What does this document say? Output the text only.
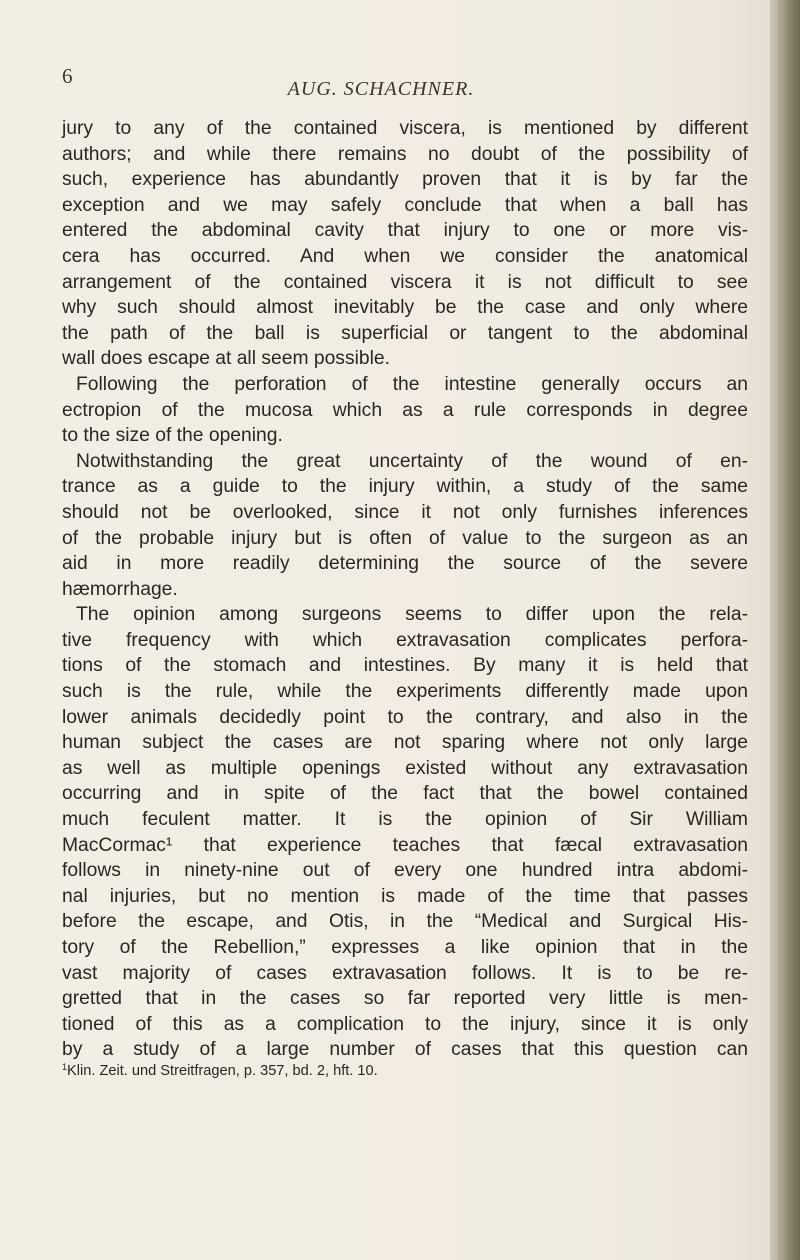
6

AUG. SCHACHNER.

jury to any of the contained viscera, is mentioned by different
authors; and while there remains no doubt of the possibility of
such, experience has abundantly proven that it is by far the
exception and we may safely conclude that when a ball has
entered the abdominal cavity that injury to one or more vis-
cera has occurred. And when we consider the anatomical
arrangement of the contained viscera it is not difficult to see
why such should almost inevitably be the case and only where
the path of the ball is superficial or tangent to the abdominal
wall does escape at all seem possible.
Following the perforation of the intestine generally occurs an
ectropion of the mucosa which as a rule corresponds in degree
to the size of the opening.
Notwithstanding the great uncertainty of the wound of en-
trance as a guide to the injury within, a study of the same
should not be overlooked, since it not only furnishes inferences
of the probable injury but is often of value to the surgeon as an
aid in more readily determining the source of the severe
hæmorrhage.
The opinion among surgeons seems to differ upon the rela-
tive frequency with which extravasation complicates perfora-
tions of the stomach and intestines. By many it is held that
such is the rule, while the experiments differently made upon
lower animals decidedly point to the contrary, and also in the
human subject the cases are not sparing where not only large
as well as multiple openings existed without any extravasation
occurring and in spite of the fact that the bowel contained
much feculent matter. It is the opinion of Sir William
MacCormac¹ that experience teaches that fæcal extravasation
follows in ninety-nine out of every one hundred intra abdomi-
nal injuries, but no mention is made of the time that passes
before the escape, and Otis, in the “Medical and Surgical His-
tory of the Rebellion,” expresses a like opinion that in the
vast majority of cases extravasation follows. It is to be re-
gretted that in the cases so far reported very little is men-
tioned of this as a complication to the injury, since it is only
by a study of a large number of cases that this question can

$^1$Klin. Zeit. und Streitfragen, p. 357, bd. 2, hft. 10.
